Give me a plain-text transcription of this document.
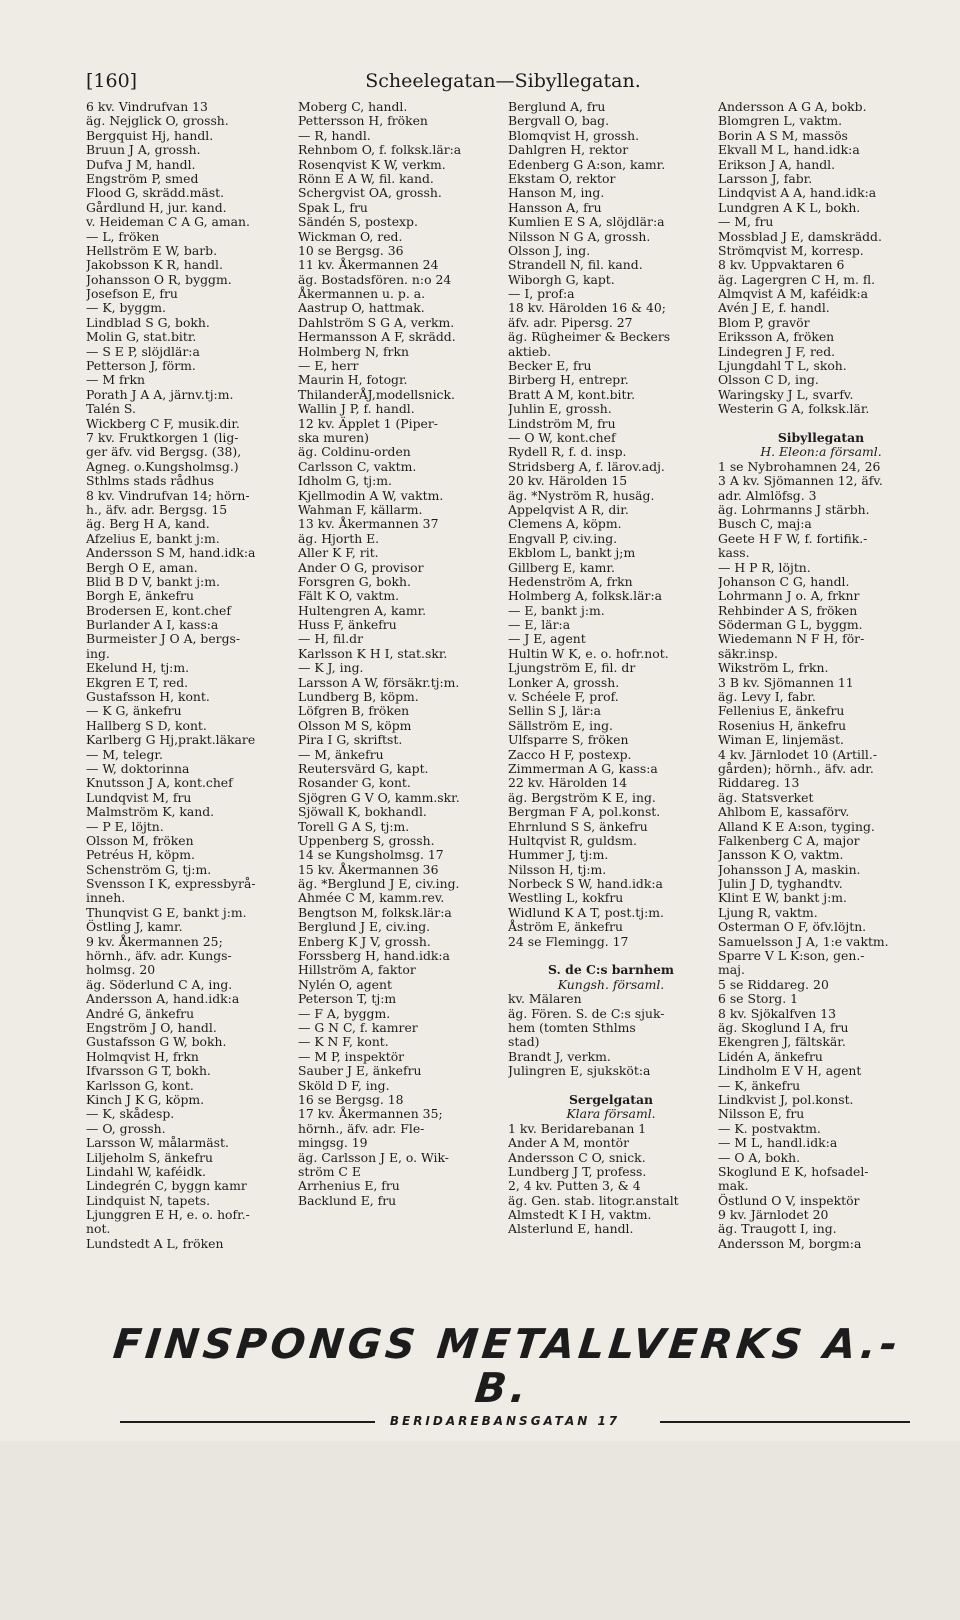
[160]	Scheelegatan—Sibyllegatan.
6 kv. Vindrufvan 13
äg. Nejglick O, grossh.
Bergquist Hj, handl.
Bruun J A, grossh.
Dufva J M, handl.
Engström P, smed
Flood G, skrädd.mäst.
Gårdlund H, jur. kand.
v. Heideman C A G, aman.
— L, fröken
Hellström E W, barb.
Jakobsson K R, handl.
Johansson O R, byggm.
Josefson E, fru
— K, byggm.
Lindblad S G, bokh.
Molin G, stat.bitr.
— S E P, slöjdlär:a
Petterson J, förm.
— M frkn
Porath J A A, järnv.tj:m.
Talén S.
Wickberg C F, musik.dir.
7 kv. Fruktkorgen 1 (lig-
ger äfv. vid Bergsg. (38),
Agneg. o.Kungsholmsg.)
Sthlms stads rådhus
8 kv. Vindrufvan 14; hörn-
h., äfv. adr. Bergsg. 15
äg. Berg H A, kand.
Afzelius E, bankt j:m.
Andersson S M, hand.idk:a
Bergh O E, aman.
Blid B D V, bankt j:m.
Borgh E, änkefru
Brodersen E, kont.chef
Burlander A I, kass:a
Burmeister J O A, bergs-
ing.
Ekelund H, tj:m.
Ekgren E T, red.
Gustafsson H, kont.
— K G, änkefru
Hallberg S D, kont.
Karlberg G Hj,prakt.läkare
— M, telegr.
— W, doktorinna
Knutsson J A, kont.chef
Lundqvist M, fru
Malmström K, kand.
— P E, löjtn.
Olsson M, fröken
Petréus H, köpm.
Schenström G, tj:m.
Svensson I K, expressbyrå-
inneh.
Thunqvist G E, bankt j:m.
Östling J, kamr.
9 kv. Åkermannen 25;
hörnh., äfv. adr. Kungs-
holmsg. 20
äg. Söderlund C A, ing.
Andersson A, hand.idk:a
André G, änkefru
Engström J O, handl.
Gustafsson G W, bokh.
Holmqvist H, frkn
Ifvarsson G T, bokh.
Karlsson G, kont.
Kinch J K G, köpm.
— K, skådesp.
— O, grossh.
Larsson W, målarmäst.
Liljeholm S, änkefru
Lindahl W, kaféidk.
Lindegrén C, byggn kamr
Lindquist N, tapets.
Ljunggren E H, e. o. hofr.-
not.
Lundstedt A L, fröken
Moberg C, handl.
Pettersson H, fröken
— R, handl.
Rehnbom O, f. folksk.lär:a
Rosenqvist K W, verkm.
Rönn E A W, fil. kand.
Schergvist OA, grossh.
Spak L, fru
Sändén S, postexp.
Wickman O, red.
10 se Bergsg. 36
11 kv. Åkermannen 24
äg. Bostadsfören. n:o 24
Åkermannen u. p. a.
Aastrup O, hattmak.
Dahlström S G A, verkm.
Hermansson A F, skrädd.
Holmberg N, frkn
— E, herr
Maurin H, fotogr.
ThilanderÅJ,modellsnick.
Wallin J P, f. handl.
12 kv. Äpplet 1 (Piper-
ska muren)
äg. Coldinu-orden
Carlsson C, vaktm.
Idholm G, tj:m.
Kjellmodin A W, vaktm.
Wahman F, källarm.
13 kv. Åkermannen 37
äg. Hjorth E.
Aller K F, rit.
Ander O G, provisor
Forsgren G, bokh.
Fält K O, vaktm.
Hultengren A, kamr.
Huss F, änkefru
— H, fil.dr
Karlsson K H I, stat.skr.
— K J, ing.
Larsson A W, försäkr.tj:m.
Lundberg B, köpm.
Löfgren B, fröken
Olsson M S, köpm
Pira I G, skriftst.
— M, änkefru
Reutersvärd G, kapt.
Rosander G, kont.
Sjögren G V O, kamm.skr.
Sjöwall K, bokhandl.
Torell G A S, tj:m.
Uppenberg S, grossh.
14 se Kungsholmsg. 17
15 kv. Åkermannen 36
äg. *Berglund J E, civ.ing.
Ahmée C M, kamm.rev.
Bengtson M, folksk.lär:a
Berglund J E, civ.ing.
Enberg K J V, grossh.
Forssberg H, hand.idk:a
Hillström A, faktor
Nylén O, agent
Peterson T, tj:m
— F A, byggm.
— G N C, f. kamrer
— K N F, kont.
— M P, inspektör
Sauber J E, änkefru
Sköld D F, ing.
16 se Bergsg. 18
17 kv. Åkermannen 35;
hörnh., äfv. adr. Fle-
mingsg. 19
äg. Carlsson J E, o. Wik-
ström C E
Arrhenius E, fru
Backlund E, fru
Berglund A, fru
Bergvall O, bag.
Blomqvist H, grossh.
Dahlgren H, rektor
Edenberg G A:son, kamr.
Ekstam O, rektor
Hanson M, ing.
Hansson A, fru
Kumlien E S A, slöjdlär:a
Nilsson N G A, grossh.
Olsson J, ing.
Strandell N, fil. kand.
Wiborgh G, kapt.
— I, prof:a
18 kv. Härolden 16 & 40;
äfv. adr. Pipersg. 27
äg. Rügheimer & Beckers
aktieb.
Becker E, fru
Birberg H, entrepr.
Bratt A M, kont.bitr.
Juhlin E, grossh.
Lindström M, fru
— O W, kont.chef
Rydell R, f. d. insp.
Stridsberg A, f. lärov.adj.
20 kv. Härolden 15
äg. *Nyström R, husäg.
Appelqvist A R, dir.
Clemens A, köpm.
Engvall P, civ.ing.
Ekblom L, bankt j;m
Gillberg E, kamr.
Hedenström A, frkn
Holmberg A, folksk.lär:a
— E, bankt j:m.
— E, lär:a
— J E, agent
Hultin W K, e. o. hofr.not.
Ljungström E, fil. dr
Lonker A, grossh.
v. Schéele F, prof.
Sellin S J, lär:a
Sällström E, ing.
Ulfsparre S, fröken
Zacco H F, postexp.
Zimmerman A G, kass:a
22 kv. Härolden 14
äg. Bergström K E, ing.
Bergman F A, pol.konst.
Ehrnlund S S, änkefru
Hultqvist R, guldsm.
Hummer J, tj:m.
Nilsson H, tj:m.
Norbeck S W, hand.idk:a
Westling L, kokfru
Widlund K A T, post.tj:m.
Åström E, änkefru
24 se Flemingg. 17
S. de C:s barnhem
Kungsh. församl.
kv. Mälaren
äg. Fören. S. de C:s sjuk-
hem (tomten Sthlms
stad)
Brandt J, verkm.
Julingren E, sjuksköt:a
Sergelgatan
Klara församl.
1 kv. Beridarebanan 1
Ander A M, montör
Andersson C O, snick.
Lundberg J T, profess.
2, 4 kv. Putten 3, & 4
äg. Gen. stab. litogr.anstalt
Almstedt K I H, vaktm.
Alsterlund E, handl.
Andersson A G A, bokb.
Blomgren L, vaktm.
Borin A S M, massös
Ekvall M L, hand.idk:a
Erikson J A, handl.
Larsson J, fabr.
Lindqvist A A, hand.idk:a
Lundgren A K L, bokh.
— M, fru
Mossblad J E, damskrädd.
Strömqvist M, korresp.
8 kv. Uppvaktaren 6
äg. Lagergren C H, m. fl.
Almqvist A M, kaféidk:a
Avén J E, f. handl.
Blom P, gravör
Eriksson A, fröken
Lindegren J F, red.
Ljungdahl T L, skoh.
Olsson C D, ing.
Waringsky J L, svarfv.
Westerin G A, folksk.lär.
Sibyllegatan
H. Eleon:a församl.
1 se Nybrohamnen 24, 26
3 A kv. Sjömannen 12, äfv.
adr. Almlöfsg. 3
äg. Lohrmanns J stärbh.
Busch C, maj:a
Geete H F W, f. fortifik.-
kass.
— H P R, löjtn.
Johanson C G, handl.
Lohrmann J o. A, frknr
Rehbinder A S, fröken
Söderman G L, byggm.
Wiedemann N F H, för-
säkr.insp.
Wikström L, frkn.
3 B kv. Sjömannen 11
äg. Levy I, fabr.
Fellenius E, änkefru
Rosenius H, änkefru
Wiman E, linjemäst.
4 kv. Järnlodet 10 (Artill.-
gården); hörnh., äfv. adr.
Riddareg. 13
äg. Statsverket
Ahlbom E, kassaförv.
Alland K E A:son, tyging.
Falkenberg C A, major
Jansson K O, vaktm.
Johansson J A, maskin.
Julin J D, tyghandtv.
Klint E W, bankt j:m.
Ljung R, vaktm.
Osterman O F, öfv.löjtn.
Samuelsson J A, 1:e vaktm.
Sparre V L K:son, gen.-
maj.
5 se Riddareg. 20
6 se Storg. 1
8 kv. Sjökalfven 13
äg. Skoglund I A, fru
Ekengren J, fältskär.
Lidén A, änkefru
Lindholm E V H, agent
— K, änkefru
Lindkvist J, pol.konst.
Nilsson E, fru
— K. postvaktm.
— M L, handl.idk:a
— O A, bokh.
Skoglund E K, hofsadel-
mak.
Östlund O V, inspektör
9 kv. Järnlodet 20
äg. Traugott I, ing.
Andersson M, borgm:a
FINSPONGS METALLVERKS A.-B.
BERIDAREBANSGATAN 17
